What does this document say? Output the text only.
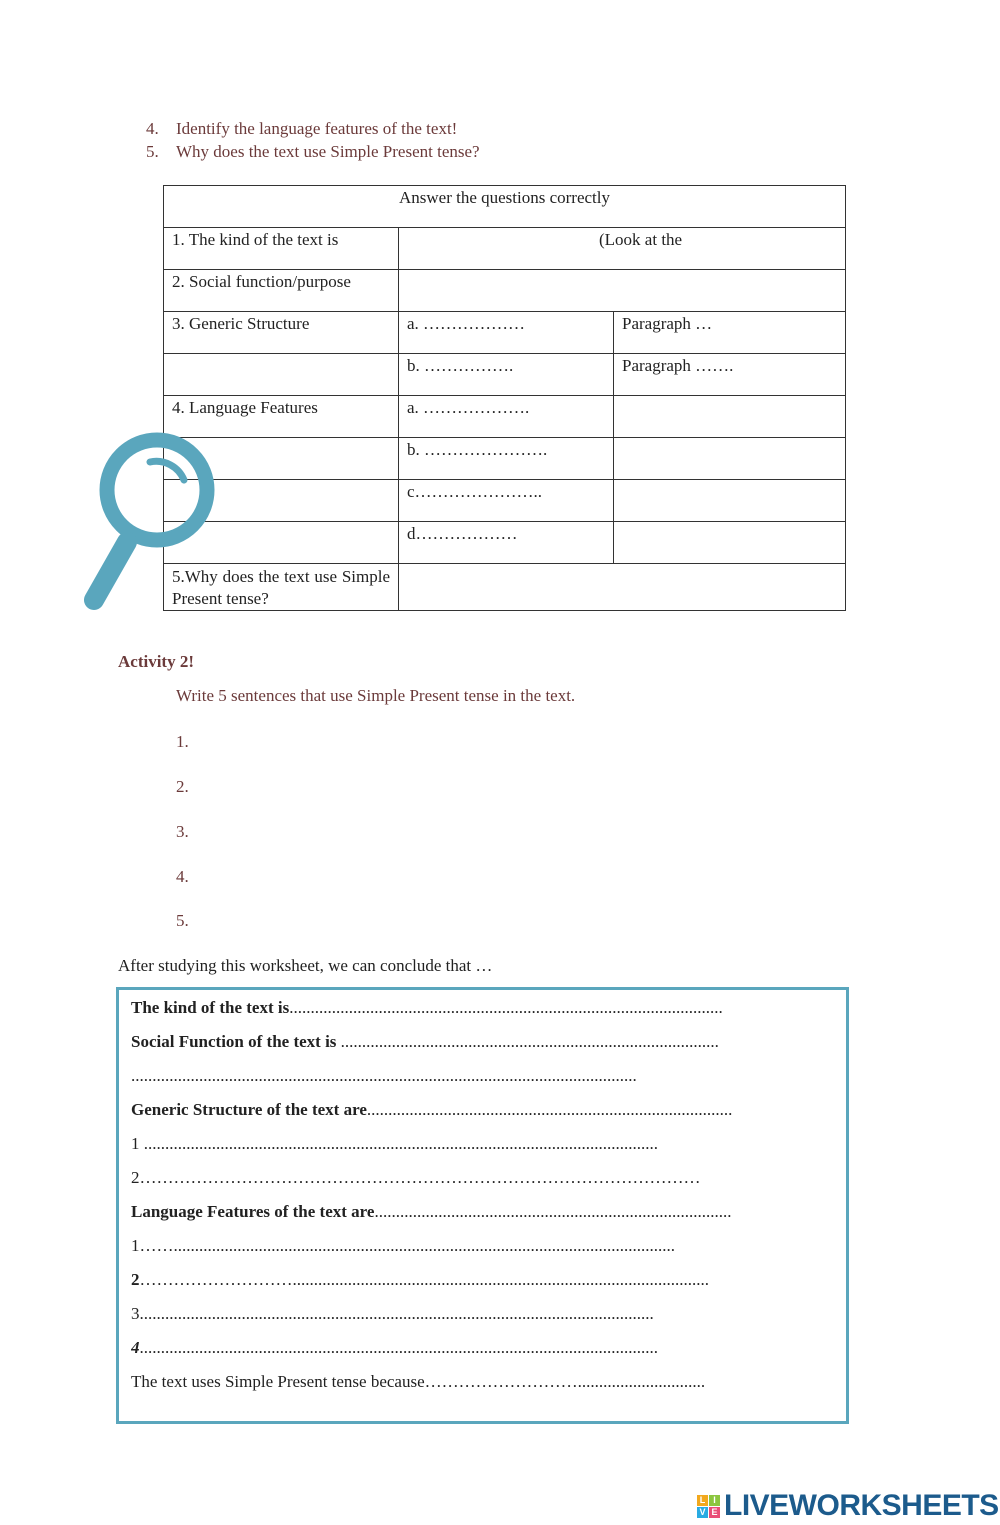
4. Identify the language features of the text!
5. Why does the text use Simple Present tense?
Answer the questions correctly		
1. The kind of the text is	(Look at the	
2. Social function/purpose		
3. Generic Structure	a. ………………	Paragraph …
	b. …………….	Paragraph …….
4. Language Features	a. ……………….	
	b. ………………….	
	c…………………..	
	d………………	
5.Why does the text use Simple Present tense?		
Activity 2!
Write 5 sentences that use Simple Present tense in the text.
1.
2.
3.
4.
5.
After studying this worksheet, we can conclude that …
The kind of the text is......................................................................................................
Social Function of the text is .........................................................................................
.......................................................................................................................
Generic Structure of the text are......................................................................................
1 .........................................................................................................................
2………………………………………………………………………………………
Language Features of the text are....................................................................................
1……......................................................................................................................
2………………………..................................................................................................
3.........................................................................................................................
4..........................................................................................................................
The text uses Simple Present tense because………………………..............................
L I
V E LIVEWORKSHEETS
